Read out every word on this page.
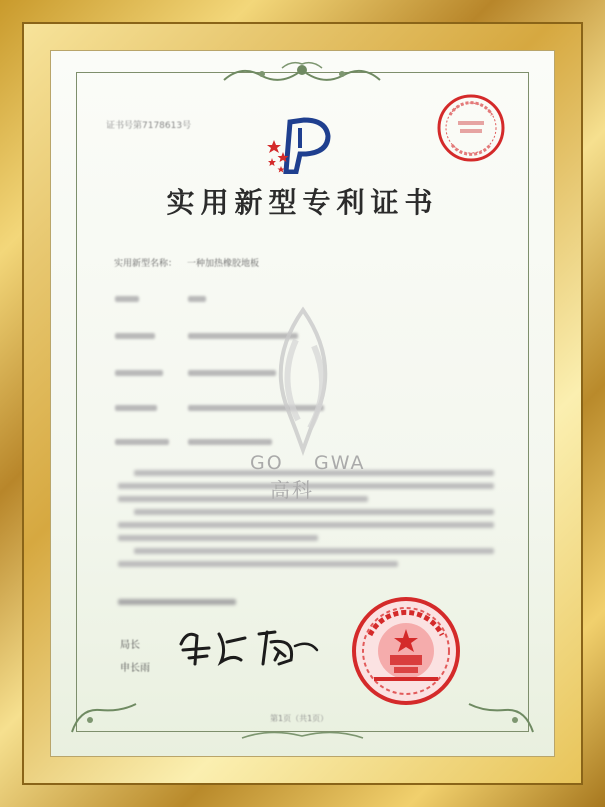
证书号第7178613号
实用新型专利证书
实用新型名称： 一种加热橡胶地板
GO GWA
高科
局长
申长雨
第1页（共1页）
